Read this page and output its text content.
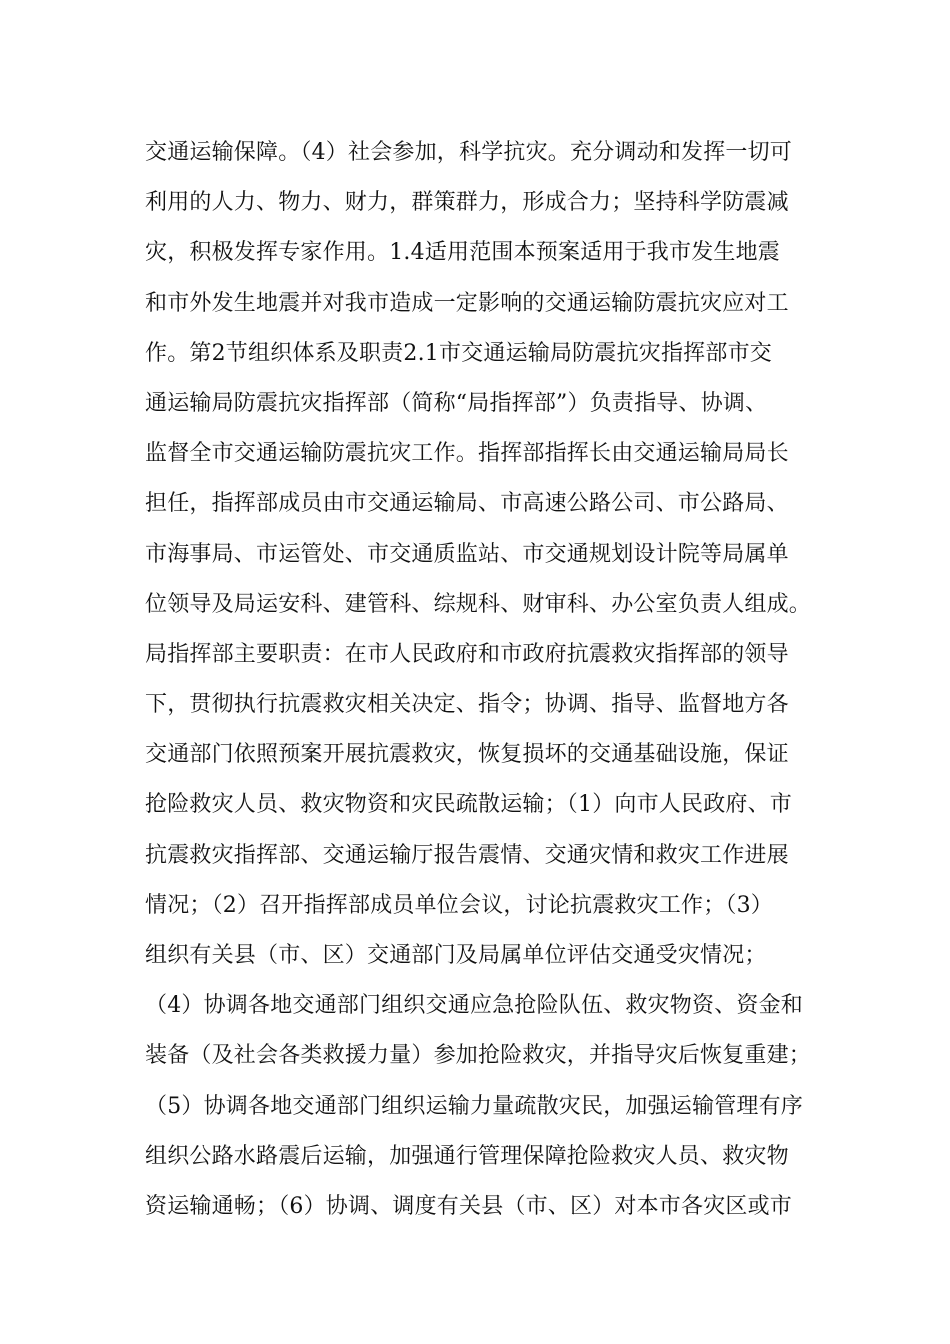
交通运输保障。（4）社会参加，科学抗灾。充分调动和发挥一切可
利用的人力、物力、财力，群策群力，形成合力；坚持科学防震减
灾，积极发挥专家作用。1.4适用范围本预案适用于我市发生地震
和市外发生地震并对我市造成一定影响的交通运输防震抗灾应对工
作。第2节组织体系及职责2.1市交通运输局防震抗灾指挥部市交
通运输局防震抗灾指挥部（简称“局指挥部”）负责指导、协调、
监督全市交通运输防震抗灾工作。指挥部指挥长由交通运输局局长
担任，指挥部成员由市交通运输局、市高速公路公司、市公路局、
市海事局、市运管处、市交通质监站、市交通规划设计院等局属单
位领导及局运安科、建管科、综规科、财审科、办公室负责人组成。
局指挥部主要职责：在市人民政府和市政府抗震救灾指挥部的领导
下，贯彻执行抗震救灾相关决定、指令；协调、指导、监督地方各
交通部门依照预案开展抗震救灾，恢复损坏的交通基础设施，保证
抢险救灾人员、救灾物资和灾民疏散运输；（1）向市人民政府、市
抗震救灾指挥部、交通运输厅报告震情、交通灾情和救灾工作进展
情况；（2）召开指挥部成员单位会议，讨论抗震救灾工作；（3）
组织有关县（市、区）交通部门及局属单位评估交通受灾情况；
（4）协调各地交通部门组织交通应急抢险队伍、救灾物资、资金和
装备（及社会各类救援力量）参加抢险救灾，并指导灾后恢复重建；
（5）协调各地交通部门组织运输力量疏散灾民，加强运输管理有序
组织公路水路震后运输，加强通行管理保障抢险救灾人员、救灾物
资运输通畅；（6）协调、调度有关县（市、区）对本市各灾区或市
